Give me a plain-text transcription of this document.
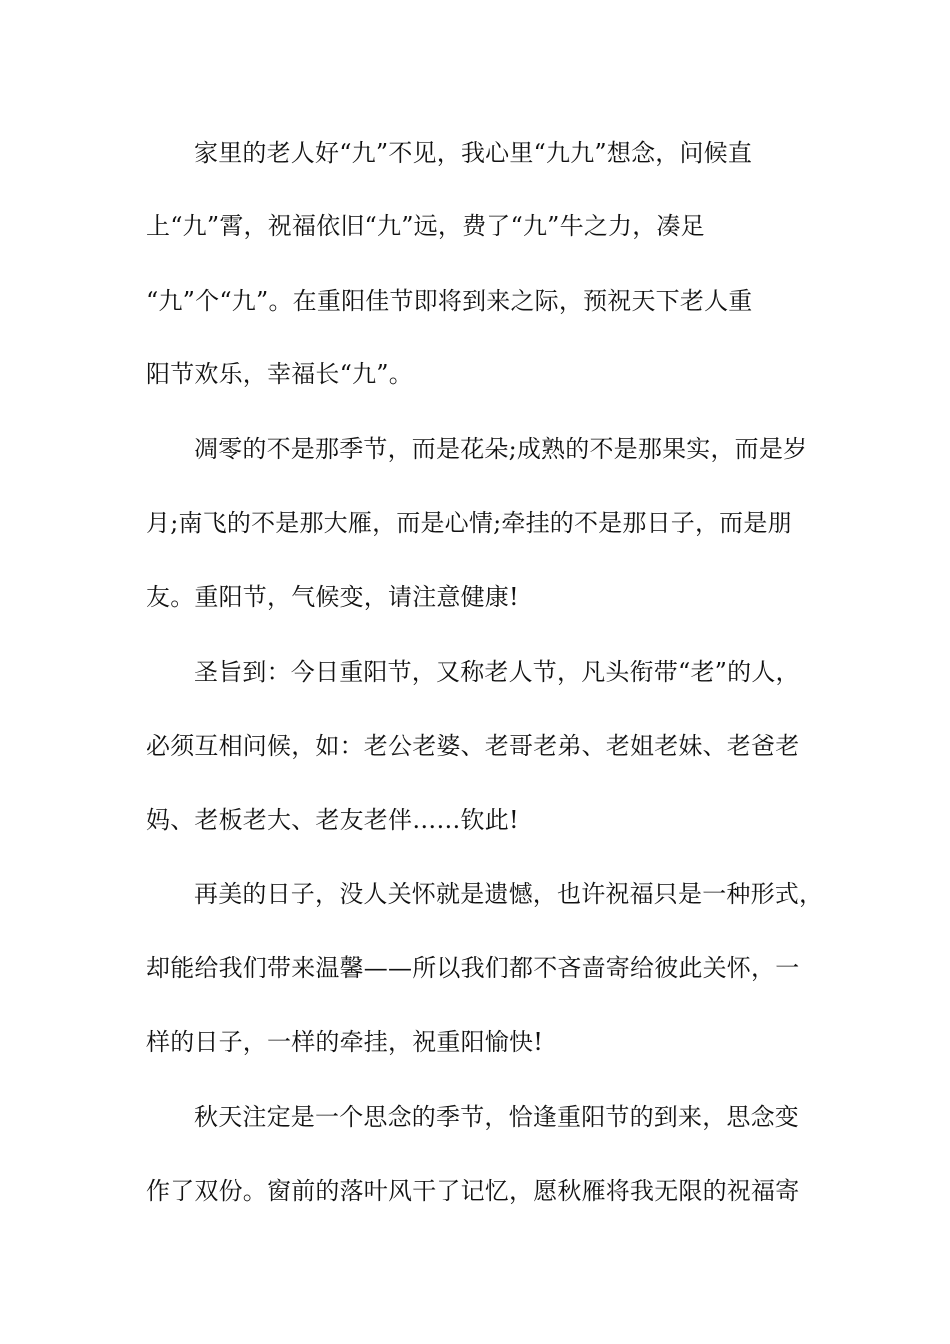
家里的老人好“九”不见，我心里“九九”想念，问候直
上“九”霄，祝福依旧“九”远，费了“九”牛之力，凑足
“九”个“九”。在重阳佳节即将到来之际，预祝天下老人重
阳节欢乐，幸福长“九”。
凋零的不是那季节，而是花朵;成熟的不是那果实，而是岁
月;南飞的不是那大雁，而是心情;牵挂的不是那日子，而是朋
友。重阳节，气候变，请注意健康!
圣旨到：今日重阳节，又称老人节，凡头衔带“老”的人，
必须互相问候，如：老公老婆、老哥老弟、老姐老妹、老爸老
妈、老板老大、老友老伴……钦此!
再美的日子，没人关怀就是遗憾，也许祝福只是一种形式，
却能给我们带来温馨——所以我们都不吝啬寄给彼此关怀，一
样的日子，一样的牵挂，祝重阳愉快!
秋天注定是一个思念的季节，恰逢重阳节的到来，思念变
作了双份。窗前的落叶风干了记忆，愿秋雁将我无限的祝福寄
